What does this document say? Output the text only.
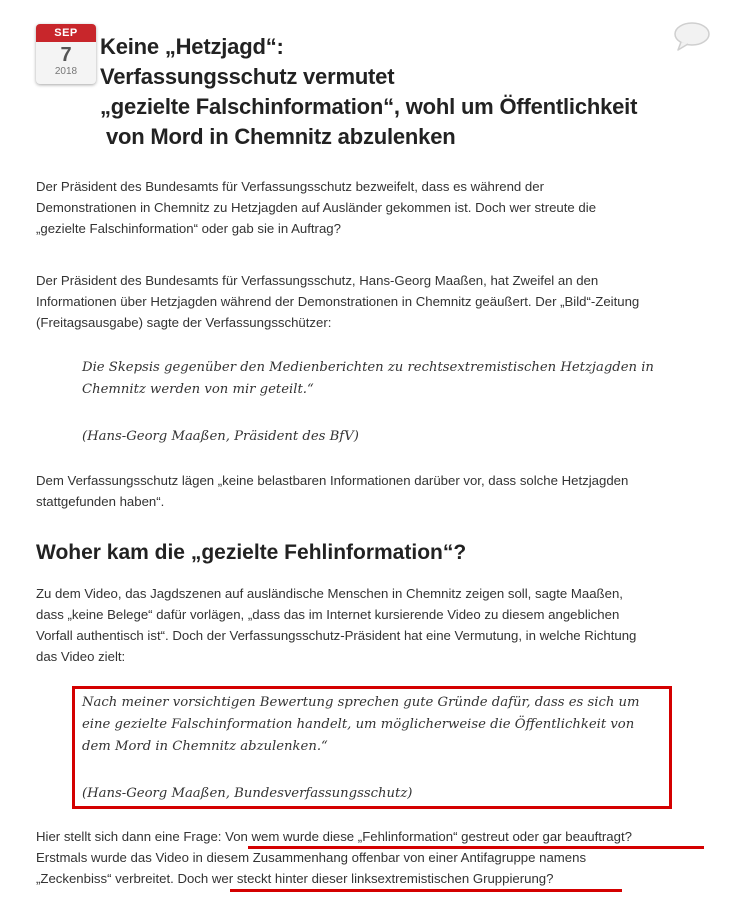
SEP
7
2018
Keine „Hetzjagd“:
Verfassungsschutz vermutet
„gezielte Falschinformation“, wohl um Öffentlichkeit
von Mord in Chemnitz abzulenken

Der Präsident des Bundesamts für Verfassungsschutz bezweifelt, dass es während der
Demonstrationen in Chemnitz zu Hetzjagden auf Ausländer gekommen ist. Doch wer streute die
„gezielte Falschinformation“ oder gab sie in Auftrag?

Der Präsident des Bundesamts für Verfassungsschutz, Hans-Georg Maaßen, hat Zweifel an den
Informationen über Hetzjagden während der Demonstrationen in Chemnitz geäußert. Der „Bild“-Zeitung
(Freitagsausgabe) sagte der Verfassungsschützer:

Die Skepsis gegenüber den Medienberichten zu rechtsextremistischen Hetzjagden in
Chemnitz werden von mir geteilt.“

(Hans-Georg Maaßen, Präsident des BfV)

Dem Verfassungsschutz lägen „keine belastbaren Informationen darüber vor, dass solche Hetzjagden
stattgefunden haben“.

Woher kam die „gezielte Fehlinformation“?

Zu dem Video, das Jagdszenen auf ausländische Menschen in Chemnitz zeigen soll, sagte Maaßen,
dass „keine Belege“ dafür vorlägen, „dass das im Internet kursierende Video zu diesem angeblichen
Vorfall authentisch ist“. Doch der Verfassungsschutz-Präsident hat eine Vermutung, in welche Richtung
das Video zielt:

Nach meiner vorsichtigen Bewertung sprechen gute Gründe dafür, dass es sich um
eine gezielte Falschinformation handelt, um möglicherweise die Öffentlichkeit von
dem Mord in Chemnitz abzulenken.“

(Hans-Georg Maaßen, Bundesverfassungsschutz)

Hier stellt sich dann eine Frage: Von wem wurde diese „Fehlinformation“ gestreut oder gar beauftragt?
Erstmals wurde das Video in diesem Zusammenhang offenbar von einer Antifagruppe namens
„Zeckenbiss“ verbreitet. Doch wer steckt hinter dieser linksextremistischen Gruppierung?
